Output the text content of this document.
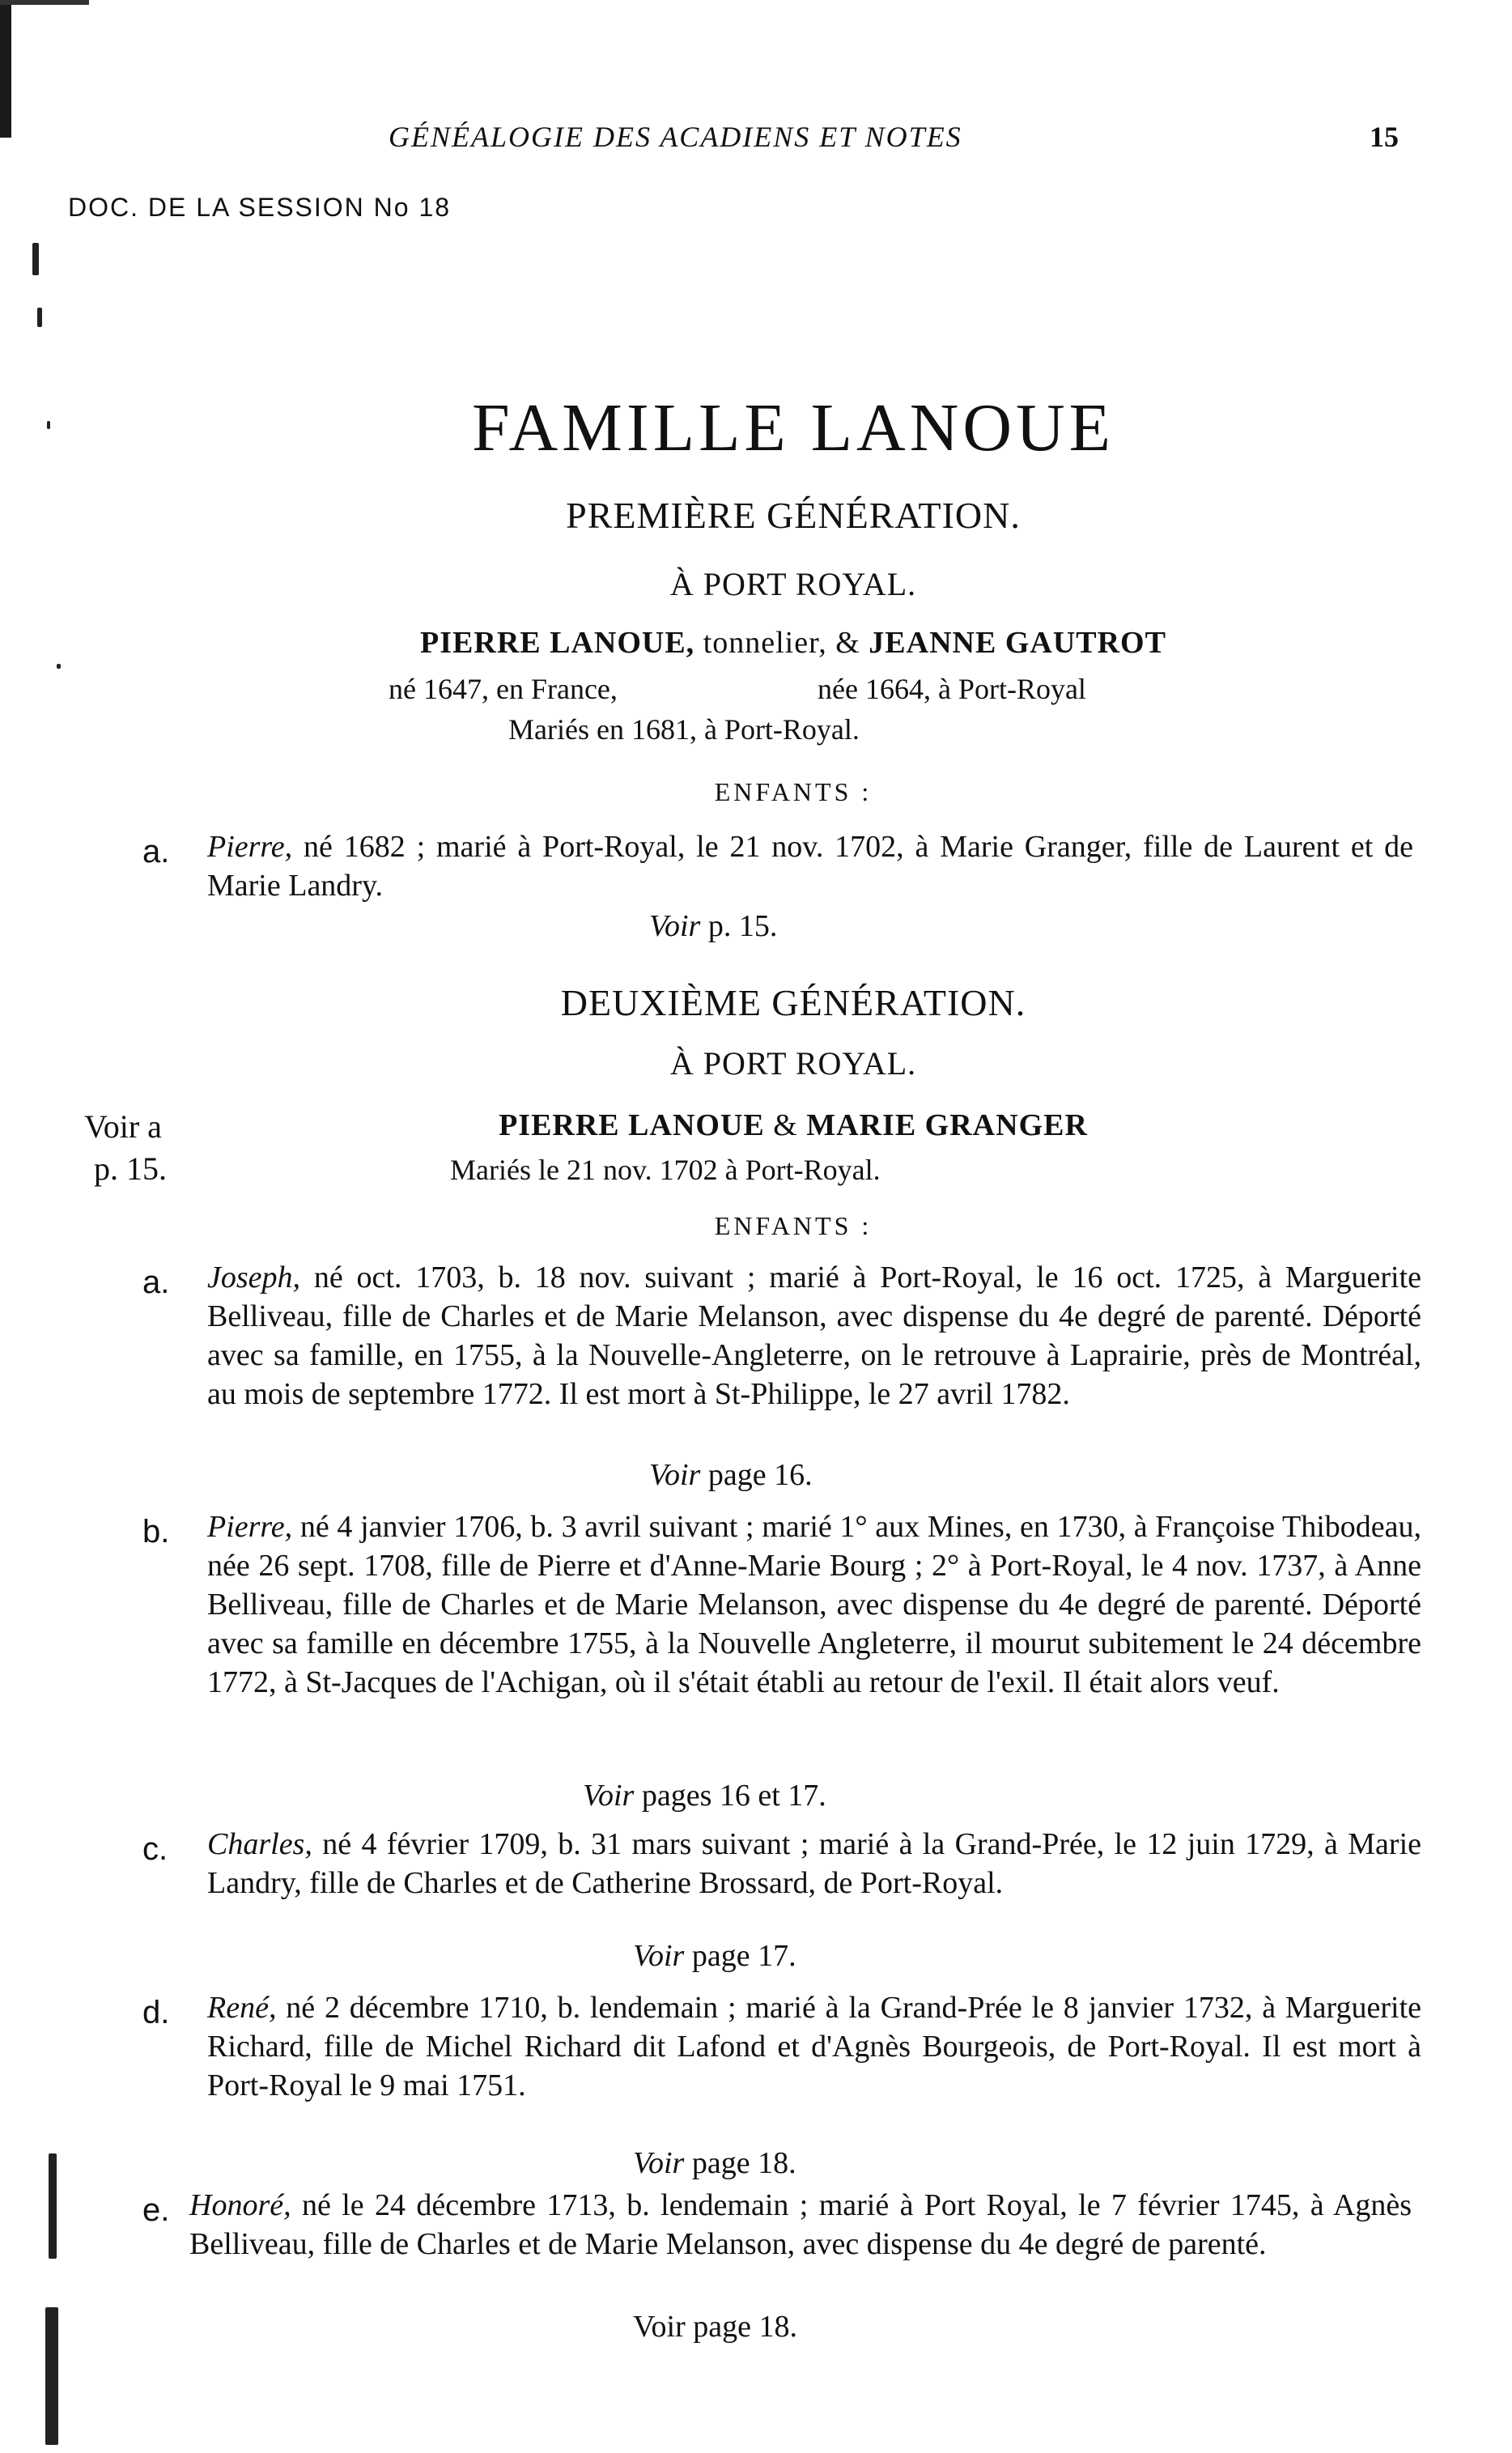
GÉNÉALOGIE DES ACADIENS ET NOTES	15
DOC. DE LA SESSION No 18
FAMILLE LANOUE
PREMIÈRE GÉNÉRATION.
À PORT ROYAL.
PIERRE LANOUE, tonnelier, & JEANNE GAUTROT
né 1647, en France,	née 1664, à Port-Royal
Mariés en 1681, à Port-Royal.
ENFANTS :
a. Pierre, né 1682 ; marié à Port-Royal, le 21 nov. 1702, à Marie Granger, fille de Laurent et de Marie Landry.

Voir p. 15.
DEUXIÈME GÉNÉRATION.
À PORT ROYAL.
Voir a
p. 15.
PIERRE LANOUE & MARIE GRANGER
Mariés le 21 nov. 1702 à Port-Royal.
ENFANTS :
a. Joseph, né oct. 1703, b. 18 nov. suivant ; marié à Port-Royal, le 16 oct. 1725, à Marguerite Belliveau, fille de Charles et de Marie Melanson, avec dispense du 4e degré de parenté. Déporté avec sa famille, en 1755, à la Nouvelle-Angleterre, on le retrouve à Laprairie, près de Montréal, au mois de septembre 1772. Il est mort à St-Philippe, le 27 avril 1782.

Voir page 16.
b. Pierre, né 4 janvier 1706, b. 3 avril suivant ; marié 1° aux Mines, en 1730, à Françoise Thibodeau, née 26 sept. 1708, fille de Pierre et d'Anne-Marie Bourg ; 2° à Port-Royal, le 4 nov. 1737, à Anne Belliveau, fille de Charles et de Marie Melanson, avec dispense du 4e degré de parenté. Déporté avec sa famille en décembre 1755, à la Nouvelle Angleterre, il mourut subitement le 24 décembre 1772, à St-Jacques de l'Achigan, où il s'était établi au retour de l'exil. Il était alors veuf.

Voir pages 16 et 17.
c. Charles, né 4 février 1709, b. 31 mars suivant ; marié à la Grand-Prée, le 12 juin 1729, à Marie Landry, fille de Charles et de Catherine Brossard, de Port-Royal.

Voir page 17.
d. René, né 2 décembre 1710, b. lendemain ; marié à la Grand-Prée le 8 janvier 1732, à Marguerite Richard, fille de Michel Richard dit Lafond et d'Agnès Bourgeois, de Port-Royal. Il est mort à Port-Royal le 9 mai 1751.

Voir page 18.
e. Honoré, né le 24 décembre 1713, b. lendemain ; marié à Port Royal, le 7 février 1745, à Agnès Belliveau, fille de Charles et de Marie Melanson, avec dispense du 4e degré de parenté.

Voir page 18.
